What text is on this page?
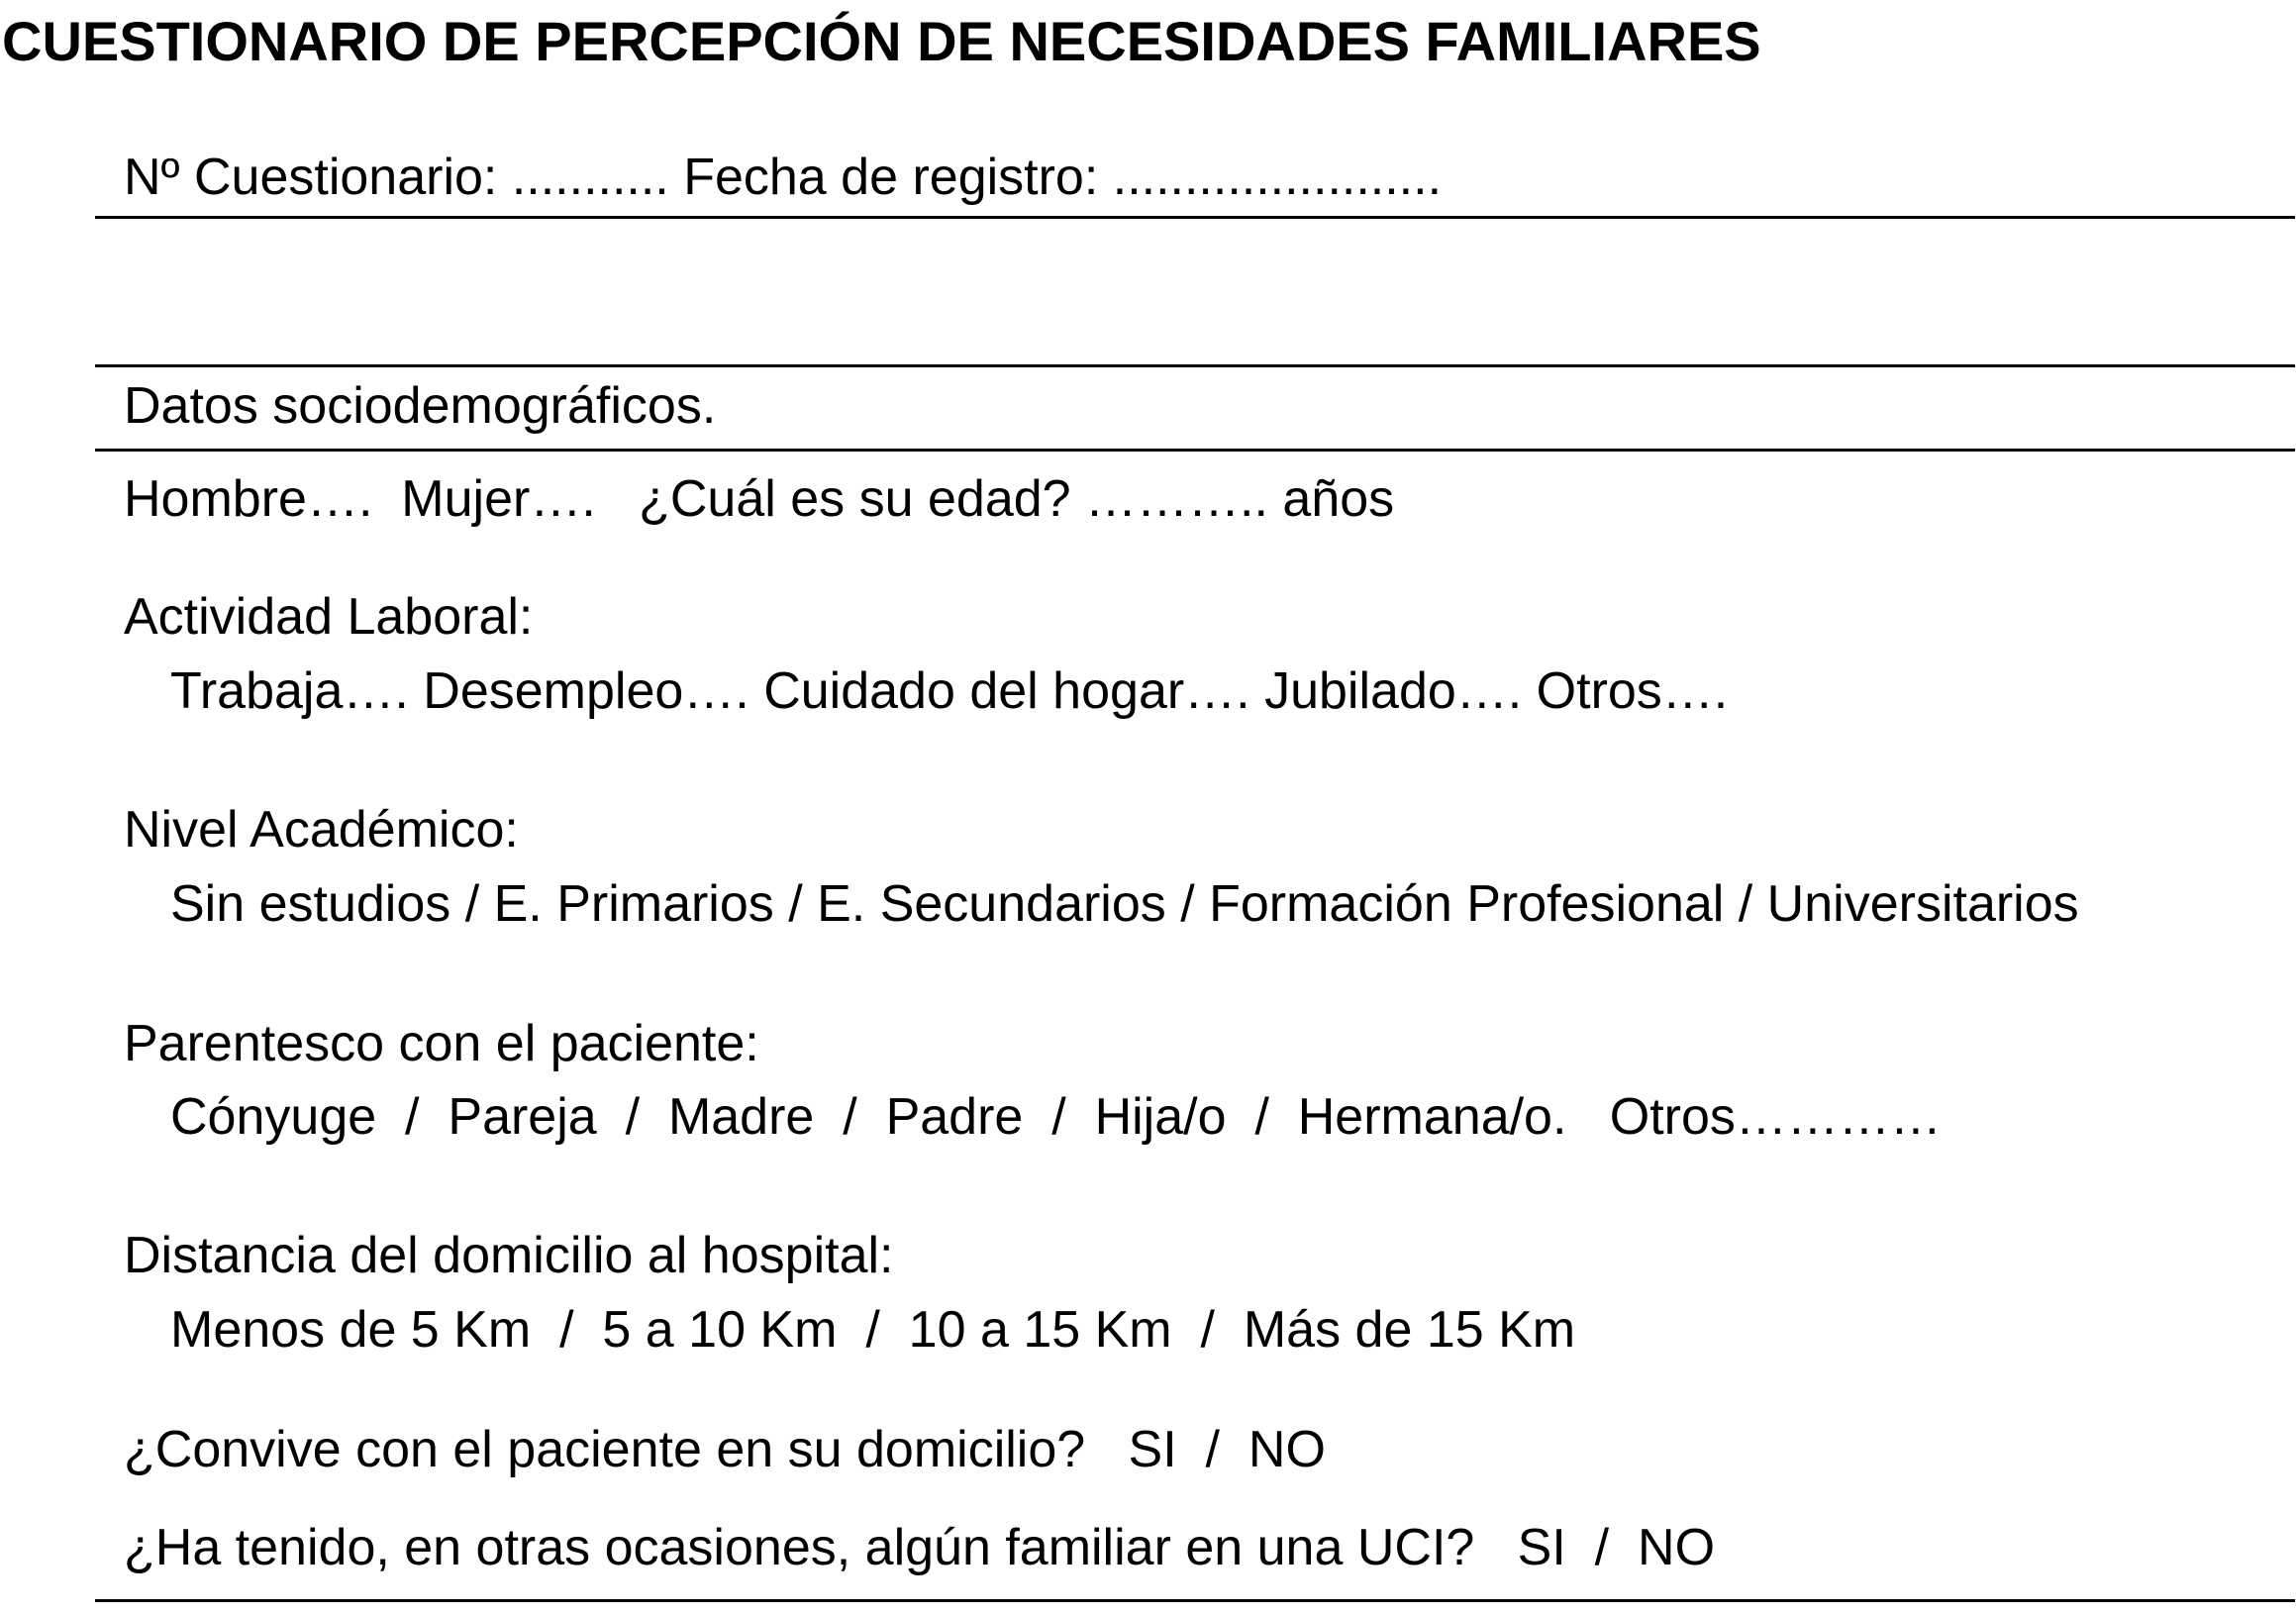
CUESTIONARIO DE PERCEPCIÓN DE NECESIDADES FAMILIARES
Nº Cuestionario: ........... Fecha de registro: .......................
Datos sociodemográficos.
Hombre….  Mujer….   ¿Cuál es su edad? ……….. años
Actividad Laboral:
Trabaja…. Desempleo…. Cuidado del hogar…. Jubilado…. Otros….
Nivel Académico:
Sin estudios / E. Primarios / E. Secundarios / Formación Profesional / Universitarios
Parentesco con el paciente:
Cónyuge  /  Pareja  /  Madre  /  Padre  /  Hija/o  /  Hermana/o.   Otros…………
Distancia del domicilio al hospital:
Menos de 5 Km  /  5 a 10 Km  /  10 a 15 Km  /  Más de 15 Km
¿Convive con el paciente en su domicilio?   SI  /  NO
¿Ha tenido, en otras ocasiones, algún familiar en una UCI?   SI  /  NO
